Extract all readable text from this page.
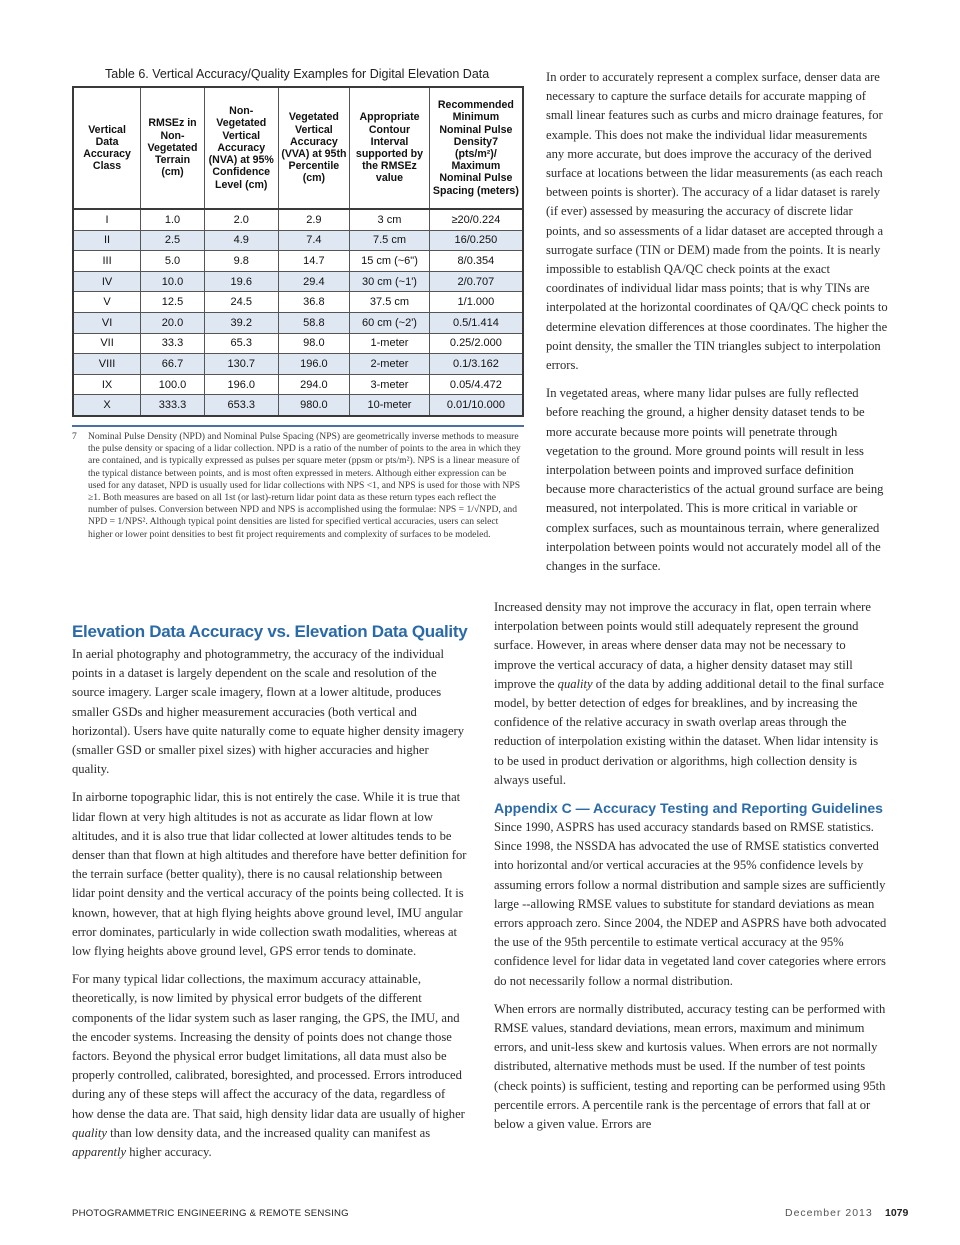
Table 6. Vertical Accuracy/Quality Examples for Digital Elevation Data
Vertical Data Accuracy Class	RMSEz in Non-Vegetated Terrain (cm)	Non-Vegetated Vertical Accuracy (NVA) at 95% Confidence Level (cm)	Vegetated Vertical Accuracy (VVA) at 95th Percentile (cm)	Appropriate Contour Interval supported by the RMSEz value	Recommended Minimum Nominal Pulse Density7 (pts/m²)/ Maximum Nominal Pulse Spacing (meters)
I	1.0	2.0	2.9	3 cm	≥20/0.224
II	2.5	4.9	7.4	7.5 cm	16/0.250
III	5.0	9.8	14.7	15 cm (~6")	8/0.354
IV	10.0	19.6	29.4	30 cm (~1')	2/0.707
V	12.5	24.5	36.8	37.5 cm	1/1.000
VI	20.0	39.2	58.8	60 cm (~2')	0.5/1.414
VII	33.3	65.3	98.0	1-meter	0.25/2.000
VIII	66.7	130.7	196.0	2-meter	0.1/3.162
IX	100.0	196.0	294.0	3-meter	0.05/4.472
X	333.3	653.3	980.0	10-meter	0.01/10.000
7 Nominal Pulse Density (NPD) and Nominal Pulse Spacing (NPS) are geometrically inverse methods to measure the pulse density or spacing of a lidar collection. NPD is a ratio of the number of points to the area in which they are contained, and is typically expressed as pulses per square meter (ppsm or pts/m²). NPS is a linear measure of the typical distance between points, and is most often expressed in meters. Although either expression can be used for any dataset, NPD is usually used for lidar collections with NPS <1, and NPS is used for those with NPS ≥1. Both measures are based on all 1st (or last)-return lidar point data as these return types each reflect the number of pulses. Conversion between NPD and NPS is accomplished using the formulae: NPS = 1/√NPD, and NPD = 1/NPS². Although typical point densities are listed for specified vertical accuracies, users can select higher or lower point densities to best fit project requirements and complexity of surfaces to be modeled.

In order to accurately represent a complex surface, denser data are necessary to capture the surface details for accurate mapping of small linear features such as curbs and micro drainage features, for example. This does not make the individual lidar measurements any more accurate, but does improve the accuracy of the derived surface at locations between the lidar measurements (as each reach between points is shorter). The accuracy of a lidar dataset is rarely (if ever) assessed by measuring the accuracy of discrete lidar points, and so assessments of a lidar dataset are accepted through a surrogate surface (TIN or DEM) made from the points. It is nearly impossible to establish QA/QC check points at the exact coordinates of individual lidar mass points; that is why TINs are interpolated at the horizontal coordinates of QA/QC check points to determine elevation differences at those coordinates. The higher the point density, the smaller the TIN triangles subject to interpolation errors.

In vegetated areas, where many lidar pulses are fully reflected before reaching the ground, a higher density dataset tends to be more accurate because more points will penetrate through vegetation to the ground. More ground points will result in less interpolation between points and improved surface definition because more characteristics of the actual ground surface are being measured, not interpolated. This is more critical in variable or complex surfaces, such as mountainous terrain, where generalized interpolation between points would not accurately model all of the changes in the surface.

Elevation Data Accuracy vs. Elevation Data Quality

In aerial photography and photogrammetry, the accuracy of the individual points in a dataset is largely dependent on the scale and resolution of the source imagery. Larger scale imagery, flown at a lower altitude, produces smaller GSDs and higher measurement accuracies (both vertical and horizontal). Users have quite naturally come to equate higher density imagery (smaller GSD or smaller pixel sizes) with higher accuracies and higher quality.

In airborne topographic lidar, this is not entirely the case. While it is true that lidar flown at very high altitudes is not as accurate as lidar flown at low altitudes, and it is also true that lidar collected at lower altitudes tends to be denser than that flown at high altitudes and therefore have better definition for the terrain surface (better quality), there is no causal relationship between lidar point density and the vertical accuracy of the points being collected. It is known, however, that at high flying heights above ground level, IMU angular error dominates, particularly in wide collection swath modalities, whereas at low flying heights above ground level, GPS error tends to dominate.

For many typical lidar collections, the maximum accuracy attainable, theoretically, is now limited by physical error budgets of the different components of the lidar system such as laser ranging, the GPS, the IMU, and the encoder systems. Increasing the density of points does not change those factors. Beyond the physical error budget limitations, all data must also be properly controlled, calibrated, boresighted, and processed. Errors introduced during any of these steps will affect the accuracy of the data, regardless of how dense the data are. That said, high density lidar data are usually of higher quality than low density data, and the increased quality can manifest as apparently higher accuracy.

Increased density may not improve the accuracy in flat, open terrain where interpolation between points would still adequately represent the ground surface. However, in areas where denser data may not be necessary to improve the vertical accuracy of data, a higher density dataset may still improve the quality of the data by adding additional detail to the final surface model, by better detection of edges for breaklines, and by increasing the confidence of the relative accuracy in swath overlap areas through the reduction of interpolation existing within the dataset. When lidar intensity is to be used in product derivation or algorithms, high collection density is always useful.

Appendix C — Accuracy Testing and Reporting Guidelines

Since 1990, ASPRS has used accuracy standards based on RMSE statistics. Since 1998, the NSSDA has advocated the use of RMSE statistics converted into horizontal and/or vertical accuracies at the 95% confidence levels by assuming errors follow a normal distribution and sample sizes are sufficiently large --allowing RMSE values to substitute for standard deviations as mean errors approach zero. Since 2004, the NDEP and ASPRS have both advocated the use of the 95th percentile to estimate vertical accuracy at the 95% confidence level for lidar data in vegetated land cover categories where errors do not necessarily follow a normal distribution.

When errors are normally distributed, accuracy testing can be performed with RMSE values, standard deviations, mean errors, maximum and minimum errors, and unit-less skew and kurtosis values. When errors are not normally distributed, alternative methods must be used. If the number of test points (check points) is sufficient, testing and reporting can be performed using 95th percentile errors. A percentile rank is the percentage of errors that fall at or below a given value. Errors are

PHOTOGRAMMETRIC ENGINEERING & REMOTE SENSING	December 2013 1079
